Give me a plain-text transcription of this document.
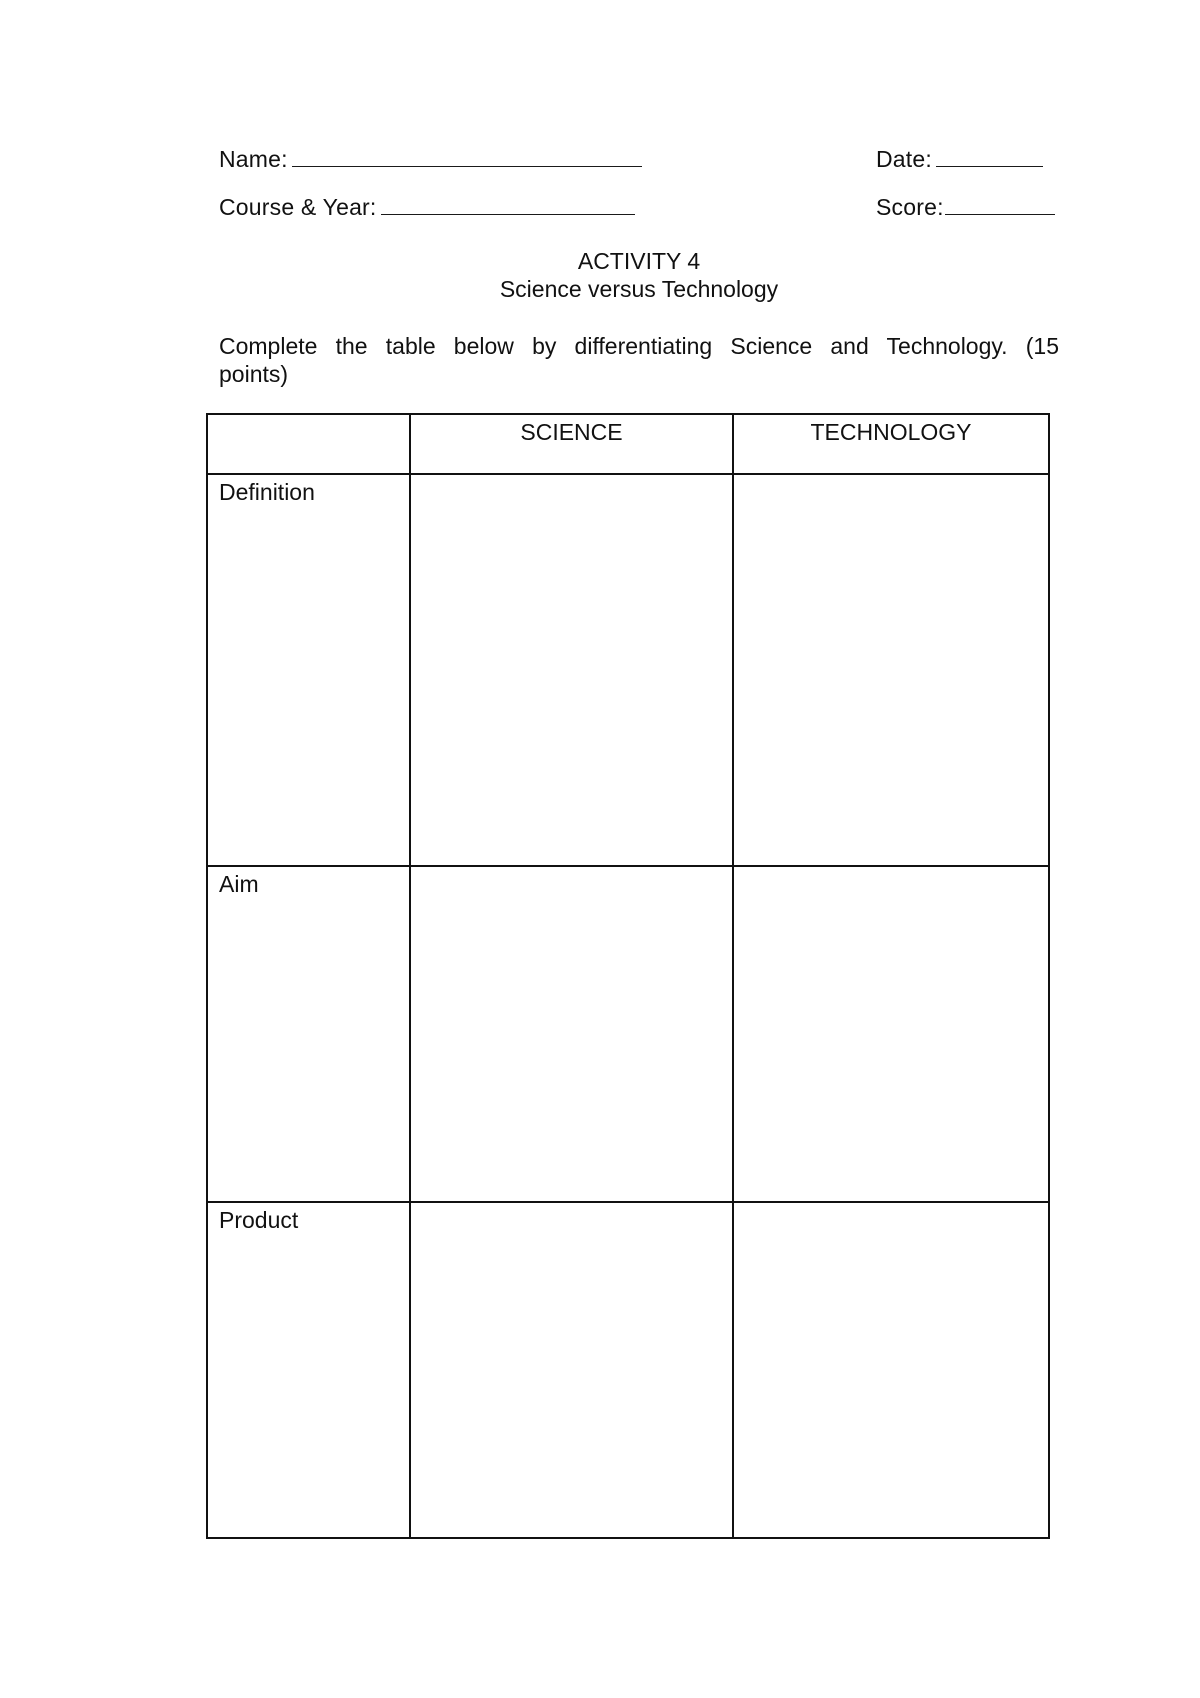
Name:	Date:
Course & Year:	Score:
ACTIVITY 4
Science versus Technology
Complete the table below by differentiating Science and Technology. (15 points)
	SCIENCE	TECHNOLOGY

Definition		

Aim		

Product		
